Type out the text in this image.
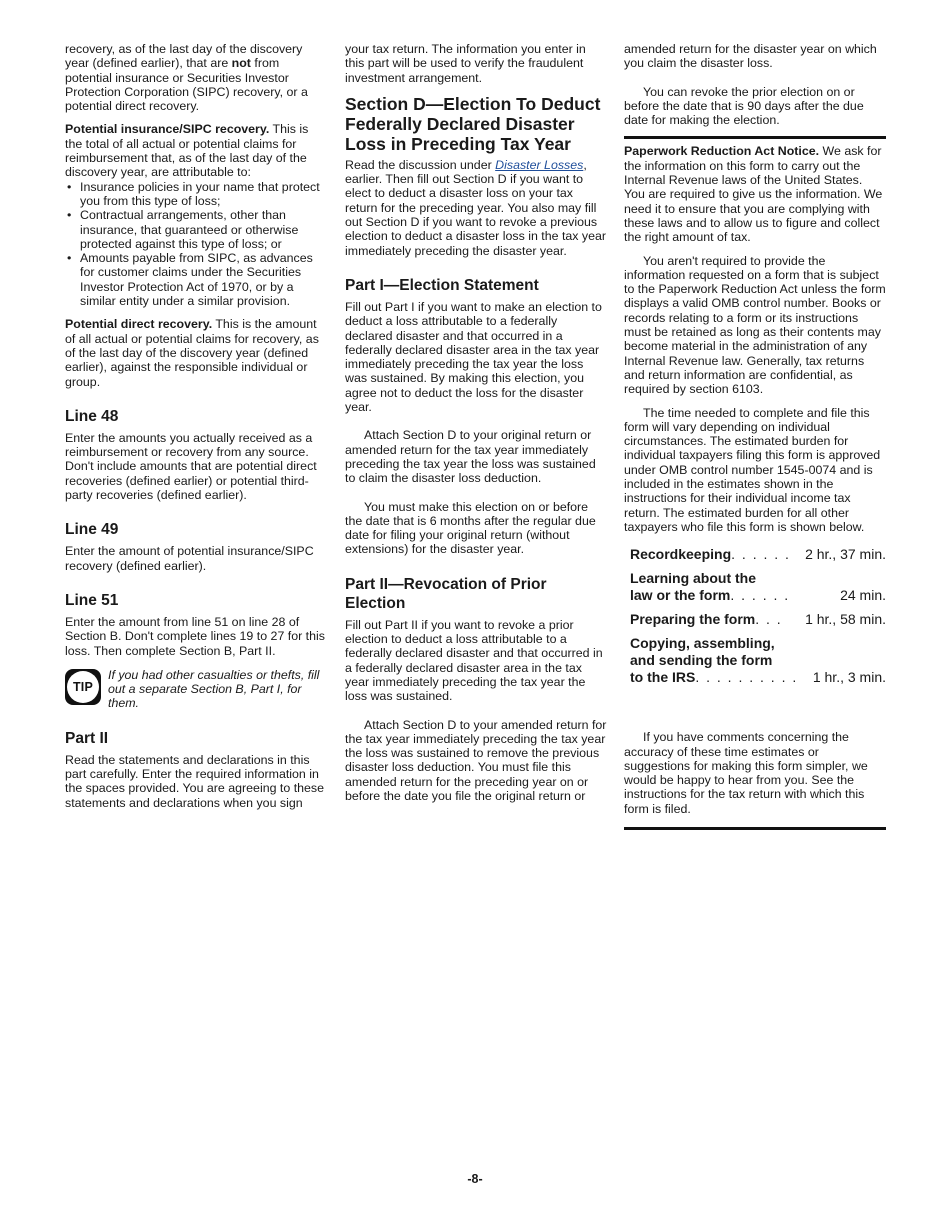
recovery, as of the last day of the discovery year (defined earlier), that are not from potential insurance or Securities Investor Protection Corporation (SIPC) recovery, or a potential direct recovery.

Potential insurance/SIPC recovery. This is the total of all actual or potential claims for reimbursement that, as of the last day of the discovery year, are attributable to:

• Insurance policies in your name that protect you from this type of loss;

• Contractual arrangements, other than insurance, that guaranteed or otherwise protected against this type of loss; or

• Amounts payable from SIPC, as advances for customer claims under the Securities Investor Protection Act of 1970, or by a similar entity under a similar provision.

Potential direct recovery. This is the amount of all actual or potential claims for recovery, as of the last day of the discovery year (defined earlier), against the responsible individual or group.

Line 48

Enter the amounts you actually received as a reimbursement or recovery from any source. Don't include amounts that are potential direct recoveries (defined earlier) or potential third-party recoveries (defined earlier).

Line 49

Enter the amount of potential insurance/SIPC recovery (defined earlier).

Line 51

Enter the amount from line 51 on line 28 of Section B. Don't complete lines 19 to 27 for this loss. Then complete Section B, Part II.

TIP
If you had other casualties or thefts, fill out a separate Section B, Part I, for them.
Part II

Read the statements and declarations in this part carefully. Enter the required information in the spaces provided. You are agreeing to these statements and declarations when you sign

your tax return. The information you enter in this part will be used to verify the fraudulent investment arrangement.

Section D—Election To Deduct Federally Declared Disaster Loss in Preceding Tax Year

Read the discussion under Disaster Losses, earlier. Then fill out Section D if you want to elect to deduct a disaster loss on your tax return for the preceding year. You also may fill out Section D if you want to revoke a previous election to deduct a disaster loss in the tax year immediately preceding the disaster year.

Part I—Election Statement

Fill out Part I if you want to make an election to deduct a loss attributable to a federally declared disaster and that occurred in a federally declared disaster area in the tax year immediately preceding the tax year the loss was sustained. By making this election, you agree not to deduct the loss for the disaster year.

Attach Section D to your original return or amended return for the tax year immediately preceding the tax year the loss was sustained to claim the disaster loss deduction.

You must make this election on or before the date that is 6 months after the regular due date for filing your original return (without extensions) for the disaster year.

Part II—Revocation of Prior Election

Fill out Part II if you want to revoke a prior election to deduct a loss attributable to a federally declared disaster and that occurred in a federally declared disaster area in the tax year immediately preceding the tax year the loss was sustained.

Attach Section D to your amended return for the tax year immediately preceding the tax year the loss was sustained to remove the previous disaster loss deduction. You must file this amended return for the preceding year on or before the date you file the original return or

amended return for the disaster year on which you claim the disaster loss.

You can revoke the prior election on or before the date that is 90 days after the due date for making the election.

Paperwork Reduction Act Notice. We ask for the information on this form to carry out the Internal Revenue laws of the United States. You are required to give us the information. We need it to ensure that you are complying with these laws and to allow us to figure and collect the right amount of tax.

You aren't required to provide the information requested on a form that is subject to the Paperwork Reduction Act unless the form displays a valid OMB control number. Books or records relating to a form or its instructions must be retained as long as their contents may become material in the administration of any Internal Revenue law. Generally, tax returns and return information are confidential, as required by section 6103.

The time needed to complete and file this form will vary depending on individual circumstances. The estimated burden for individual taxpayers filing this form is approved under OMB control number 1545-0074 and is included in the estimates shown in the instructions for their individual income tax return. The estimated burden for all other taxpayers who file this form is shown below.

Recordkeeping. . . . . .	2 hr., 37 min.
Learning about the
law or the form. . . . . .	24 min.
Preparing the form. . .	1 hr., 58 min.
Copying, assembling,
and sending the form
to the IRS. . . . . . . . . .	1 hr., 3 min.

If you have comments concerning the accuracy of these time estimates or suggestions for making this form simpler, we would be happy to hear from you. See the instructions for the tax return with which this form is filed.

-8-
